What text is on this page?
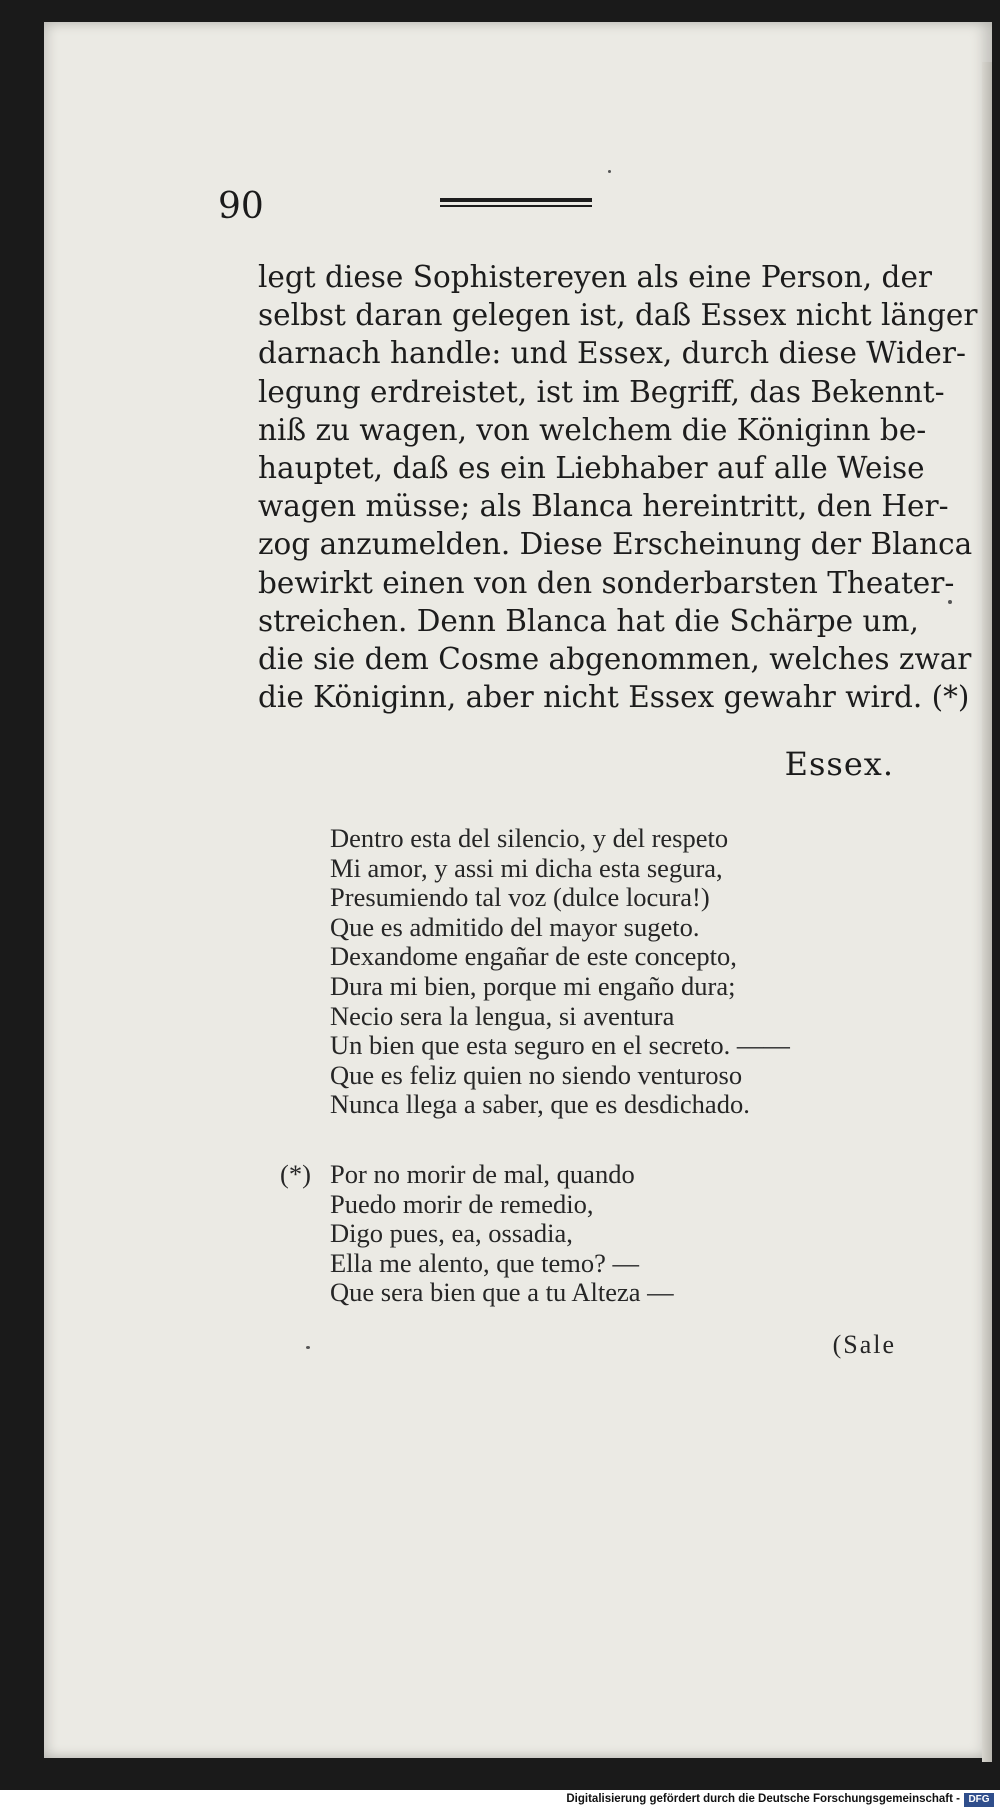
90
legt diese Sophistereyen als eine Person, der
selbst daran gelegen ist, daß Essex nicht länger
darnach handle: und Essex, durch diese Wider-
legung erdreistet, ist im Begriff, das Bekennt-
niß zu wagen, von welchem die Königinn be-
hauptet, daß es ein Liebhaber auf alle Weise
wagen müsse; als Blanca hereintritt, den Her-
zog anzumelden. Diese Erscheinung der Blanca
bewirkt einen von den sonderbarsten Theater-
streichen. Denn Blanca hat die Schärpe um,
die sie dem Cosme abgenommen, welches zwar
die Königinn, aber nicht Essex gewahr wird. (*)
Essex.
Dentro esta del silencio, y del respeto
Mi amor, y assi mi dicha esta segura,
Presumiendo tal voz (dulce locura!)
Que es admitido del mayor sugeto.
Dexandome engañar de este concepto,
Dura mi bien, porque mi engaño dura;
Necio sera la lengua, si aventura
Un bien que esta seguro en el secreto. ——
Que es feliz quien no siendo venturoso
Nunca llega a saber, que es desdichado.
(*) Por no morir de mal, quando
Puedo morir de remedio,
Digo pues, ea, ossadia,
Ella me alento, que temo? —
Que sera bien que a tu Alteza —
(Sale
Digitalisierung gefördert durch die Deutsche Forschungsgemeinschaft - DFG
